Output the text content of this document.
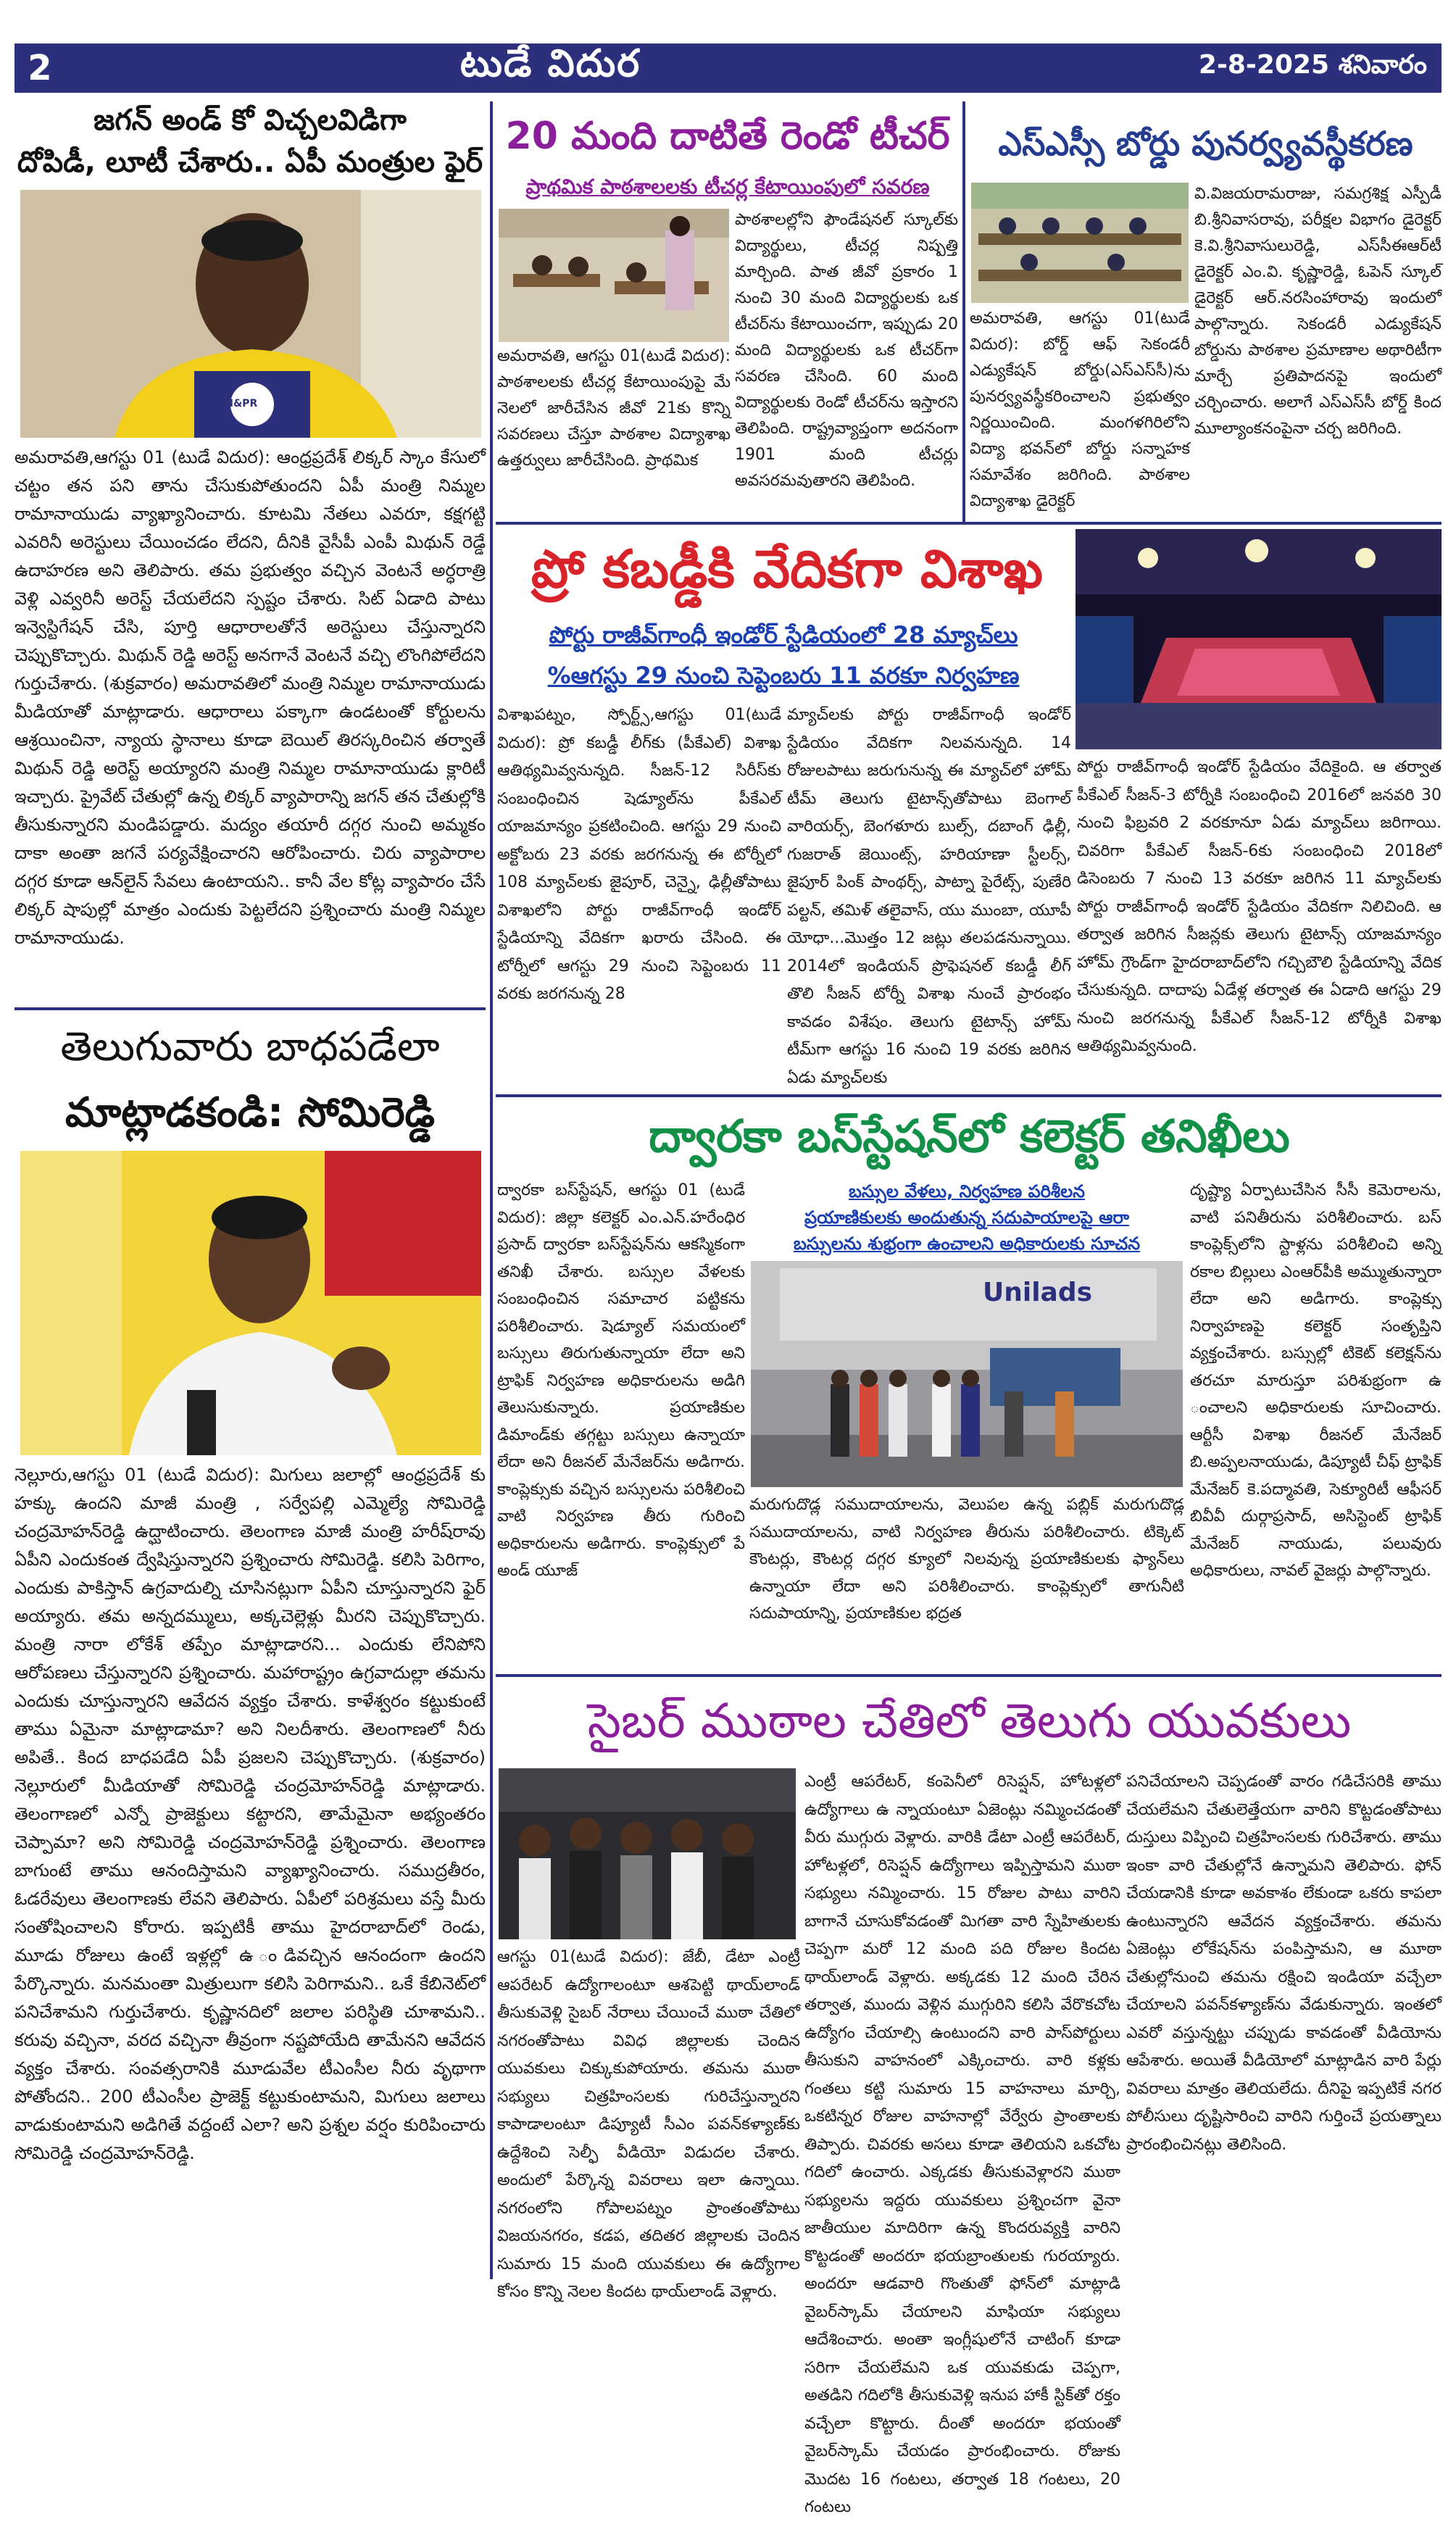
2	టుడే విదుర	2-8-2025 శనివారం
జగన్ అండ్ కో విచ్చలవిడిగా
దోపిడీ, లూటీ చేశారు.. ఏపీ మంత్రుల ఫైర్
I&PR
అమరావతి,ఆగస్టు 01 (టుడే విదుర): ఆంధ్రప్రదేశ్ లిక్కర్ స్కాం కేసులో చట్టం తన పని తాను చేసుకుపోతుందని ఏపీ మంత్రి నిమ్మల రామానాయుడు వ్యాఖ్యానించారు. కూటమి నేతలు ఎవరూ, కక్షగట్టి ఎవరినీ అరెస్టులు చేయించడం లేదని, దీనికి వైసీపీ ఎంపీ మిథున్ రెడ్డే ఉదాహరణ అని తెలిపారు. తమ ప్రభుత్వం వచ్చిన వెంటనే అర్ధరాత్రి వెళ్లి ఎవ్వరినీ అరెస్ట్ చేయలేదని స్పష్టం చేశారు. సిట్ ఏడాది పాటు ఇన్వెస్టిగేషన్ చేసి, పూర్తి ఆధారాలతోనే అరెస్టులు చేస్తున్నారని చెప్పుకొచ్చారు. మిథున్ రెడ్డి అరెస్ట్ అనగానే వెంటనే వచ్చి లొంగిపోలేదని గుర్తుచేశారు. (శుక్రవారం) అమరావతిలో మంత్రి నిమ్మల రామానాయుడు మీడియాతో మాట్లాడారు. ఆధారాలు పక్కాగా ఉండటంతో కోర్టులను ఆశ్రయించినా, న్యాయ స్థానాలు కూడా బెయిల్ తిరస్కరించిన తర్వాతే మిథున్ రెడ్డి అరెస్ట్ అయ్యారని మంత్రి నిమ్మల రామానాయుడు క్లారిటీ ఇచ్చారు. ప్రైవేట్ చేతుల్లో ఉన్న లిక్కర్ వ్యాపారాన్ని జగన్ తన చేతుల్లోకి తీసుకున్నారని మండిపడ్డారు. మద్యం తయారీ దగ్గర నుంచి అమ్మకం దాకా అంతా జగనే పర్యవేక్షించారని ఆరోపించారు. చిరు వ్యాపారాల దగ్గర కూడా ఆన్‌లైన్ సేవలు ఉంటాయని.. కానీ వేల కోట్ల వ్యాపారం చేసే లిక్కర్ షాపుల్లో మాత్రం ఎందుకు పెట్టలేదని ప్రశ్నించారు మంత్రి నిమ్మల రామానాయుడు.
తెలుగువారు బాధపడేలా
మాట్లాడకండి: సోమిరెడ్డి
నెల్లూరు,ఆగస్టు 01 (టుడే విదుర): మిగులు జలాల్లో ఆంధ్రప్రదేశ్ కు హక్కు ఉందని మాజీ మంత్రి , సర్వేపల్లి ఎమ్మెల్యే సోమిరెడ్డి చంద్రమోహన్‌రెడ్డి ఉద్ఘాటించారు. తెలంగాణ మాజీ మంత్రి హరీష్‌రావు ఏపీని ఎందుకంత ద్వేషిస్తున్నారని ప్రశ్నించారు సోమిరెడ్డి. కలిసి పెరిగాం, ఎందుకు పాకిస్తాన్ ఉగ్రవాదుల్ని చూసినట్లుగా ఏపీని చూస్తున్నారని ఫైర్ అయ్యారు. తమ అన్నదమ్ములు, అక్కచెల్లెళ్లు మీరని చెప్పుకొచ్చారు. మంత్రి నారా లోకేశ్ తప్పేం మాట్లాడారని... ఎందుకు లేనిపోని ఆరోపణలు చేస్తున్నారని ప్రశ్నించారు. మహారాష్ట్రం ఉగ్రవాదుల్లా తమను ఎందుకు చూస్తున్నారని ఆవేదన వ్యక్తం చేశారు. కాళేశ్వరం కట్టుకుంటే తాము ఏమైనా మాట్లాడామా? అని నిలదీశారు. తెలంగాణలో నీరు అపితే.. కింద బాధపడేది ఏపీ ప్రజలని చెప్పుకొచ్చారు. (శుక్రవారం) నెల్లూరులో మీడియాతో సోమిరెడ్డి చంద్రమోహన్‌రెడ్డి మాట్లాడారు. తెలంగాణలో ఎన్నో ప్రాజెక్టులు కట్టారని, తామేమైనా అభ్యంతరం చెప్పామా? అని సోమిరెడ్డి చంద్రమోహన్‌రెడ్డి ప్రశ్నించారు. తెలంగాణ బాగుంటే తాము ఆనందిస్తామని వ్యాఖ్యానించారు. సముద్రతీరం, ఓడరేవులు తెలంగాణకు లేవని తెలిపారు. ఏపీలో పరిశ్రమలు వస్తే మీరు సంతోషించాలని కోరారు. ఇప్పటికీ తాము హైదరాబాద్‌లో రెండు, మూడు రోజులు ఉంటే ఇళ్లల్లో ఉ ండివచ్చిన ఆనందంగా ఉందని పేర్కొన్నారు. మనమంతా మిత్రులుగా కలిసి పెరిగామని.. ఒకే కేబినెట్‌లో పనిచేశామని గుర్తుచేశారు. కృష్ణానదిలో జలాల పరిస్థితి చూశామని.. కరువు వచ్చినా, వరద వచ్చినా తీవ్రంగా నష్టపోయేది తామేనని ఆవేదన వ్యక్తం చేశారు. సంవత్సరానికి మూడువేల టీఎంసీల నీరు వృథాగా పోతోందని.. 200 టీఎంసీల ప్రాజెక్ట్ కట్టుకుంటామని, మిగులు జలాలు వాడుకుంటామని అడిగితే వద్దంటే ఎలా? అని ప్రశ్నల వర్షం కురిపించారు సోమిరెడ్డి చంద్రమోహన్‌రెడ్డి.
20 మంది దాటితే రెండో టీచర్
ప్రాథమిక పాఠశాలలకు టీచర్ల కేటాయింపులో సవరణ
పాఠశాలల్లోని ఫౌండేషనల్ స్కూల్‌కు విద్యార్థులు, టీచర్ల నిష్పత్తి మార్చింది. పాత జీవో ప్రకారం 1 నుంచి 30 మంది విద్యార్థులకు ఒక టీచర్‌ను కేటాయించగా, ఇప్పుడు 20 మంది విద్యార్థులకు ఒక టీచర్‌గా సవరణ చేసింది. 60 మంది విద్యార్థులకు రెండో టీచర్‌ను ఇస్తారని తెలిపింది. రాష్ట్రవ్యాప్తంగా అదనంగా 1901 మంది టీచర్లు అవసరమవుతారని తెలిపింది.
అమరావతి, ఆగస్టు 01(టుడే విదుర): పాఠశాలలకు టీచర్ల కేటాయింపుపై మే నెలలో జారీచేసిన జీవో 21కు కొన్ని సవరణలు చేస్తూ పాఠశాల విద్యాశాఖ ఉత్తర్వులు జారీచేసింది. ప్రాథమిక
ఎస్ఎస్సీ బోర్డు పునర్వ్యవస్థీకరణ
వి.విజయరామరాజు, సమగ్రశిక్ష ఎస్పీడీ బి.శ్రీనివాసరావు, పరీక్షల విభాగం డైరెక్టర్ కె.వి.శ్రీనివాసులురెడ్డి, ఎస్‌సీఈఆర్‌టీ డైరెక్టర్ ఎం.వి. కృష్ణారెడ్డి, ఓపెన్ స్కూల్ డైరెక్టర్ ఆర్.నరసింహారావు ఇందులో పాల్గొన్నారు. సెకండరీ ఎడ్యుకేషన్ బోర్డును పాఠశాల ప్రమాణాల అథారిటీగా మార్చే ప్రతిపాదనపై ఇందులో చర్చించారు. అలాగే ఎస్ఎస్‌సీ బోర్డ్ కింద మూల్యాంకనంపైనా చర్చ జరిగింది.
అమరావతి, ఆగస్టు 01(టుడే విదుర): బోర్డ్ ఆఫ్ సెకండరీ ఎడ్యుకేషన్ బోర్డు(ఎస్ఎస్‌సీ)ను పునర్వ్యవస్థీకరించాలని ప్రభుత్వం నిర్ణయించింది. మంగళగిరిలోని విద్యా భవన్‌లో బోర్డు సన్నాహక సమావేశం జరిగింది. పాఠశాల విద్యాశాఖ డైరెక్టర్
ప్రో కబడ్డీకి వేదికగా విశాఖ
పోర్టు రాజీవ్‌గాంధీ ఇండోర్ స్టేడియంలో 28 మ్యాచ్‌లు
%ఆగస్టు 29 నుంచి సెప్టెంబరు 11 వరకూ నిర్వహణ
విశాఖపట్నం, స్పోర్ట్స్,ఆగస్టు 01(టుడే విదుర): ప్రో కబడ్డీ లీగ్‌కు (పీకేఎల్) విశాఖ ఆతిథ్యమివ్వనున్నది. సీజన్-12 సిరీస్‌కు సంబంధించిన షెడ్యూల్‌ను పీకేఎల్ యాజమాన్యం ప్రకటించింది. ఆగస్టు 29 నుంచి అక్టోబరు 23 వరకు జరగనున్న ఈ టోర్నీలో 108 మ్యాచ్‌లకు జైపూర్, చెన్నై, ఢిల్లీతోపాటు విశాఖలోని పోర్టు రాజీవ్‌గాంధీ ఇండోర్ స్టేడియాన్ని వేదికగా ఖరారు చేసింది. ఈ టోర్నీలో ఆగస్టు 29 నుంచి సెప్టెంబరు 11 వరకు జరగనున్న 28
మ్యాచ్‌లకు పోర్టు రాజీవ్‌గాంధీ ఇండోర్ స్టేడియం వేదికగా నిలవనున్నది. 14 రోజులపాటు జరుగునున్న ఈ మ్యాచ్‌లో హోమ్ టీమ్ తెలుగు టైటాన్స్‌తోపాటు బెంగాల్ వారియర్స్, బెంగళూరు బుల్స్, దబాంగ్ ఢిల్లీ, గుజరాత్ జెయింట్స్, హరియాణా స్టీలర్స్, జైపూర్ పింక్ పాంథర్స్, పాట్నా పైరేట్స్, పుణేరి పల్టన్, తమిళ్ తలైవాస్, యు ముంబా, యూపీ యోధా...మొత్తం 12 జట్లు తలపడనున్నాయి. 2014లో ఇండియన్ ప్రొఫెషనల్ కబడ్డీ లీగ్ తొలి సీజన్ టోర్నీ విశాఖ నుంచే ప్రారంభం కావడం విశేషం. తెలుగు టైటాన్స్ హోమ్ టీమ్‌గా ఆగస్టు 16 నుంచి 19 వరకు జరిగిన ఏడు మ్యాచ్‌లకు
పోర్టు రాజీవ్‌గాంధీ ఇండోర్ స్టేడియం వేదికైంది. ఆ తర్వాత పీకేఎల్ సీజన్-3 టోర్నీకి సంబంధించి 2016లో జనవరి 30 నుంచి ఫిబ్రవరి 2 వరకూనూ ఏడు మ్యాచ్‌లు జరిగాయి. చివరిగా పీకేఎల్ సీజన్-6కు సంబంధించి 2018లో డిసెంబరు 7 నుంచి 13 వరకూ జరిగిన 11 మ్యాచ్‌లకు పోర్టు రాజీవ్‌గాంధీ ఇండోర్ స్టేడియం వేదికగా నిలిచింది. ఆ తర్వాత జరిగిన సీజన్లకు తెలుగు టైటాన్స్ యాజమాన్యం హోమ్ గ్రౌండ్‌గా హైదరాబాద్‌లోని గచ్చిబౌలి స్టేడియాన్ని వేదిక చేసుకున్నది. దాదాపు ఏడేళ్ల తర్వాత ఈ ఏడాది ఆగస్టు 29 నుంచి జరగనున్న పీకేఎల్ సీజన్-12 టోర్నీకి విశాఖ ఆతిథ్యమివ్వనుంది.
ద్వారకా బస్‌స్టేషన్‌లో కలెక్టర్ తనిఖీలు
ద్వారకా బస్‌స్టేషన్, ఆగస్టు 01 (టుడే విదుర): జిల్లా కలెక్టర్ ఎం.ఎన్.హరేంధిర ప్రసాద్ ద్వారకా బస్‌స్టేషన్‌ను ఆకస్మికంగా తనిఖీ చేశారు. బస్సుల వేళలకు సంబంధించిన సమాచార పట్టికను పరిశీలించారు. షెడ్యూల్ సమయంలో బస్సులు తిరుగుతున్నాయా లేదా అని ట్రాఫిక్ నిర్వహణ అధికారులను అడిగి తెలుసుకున్నారు. ప్రయాణికుల డిమాండ్‌కు తగ్గట్టు బస్సులు ఉన్నాయా లేదా అని రీజనల్ మేనేజర్‌ను అడిగారు. కాంప్లెక్సుకు వచ్చిన బస్సులను పరిశీలించి వాటి నిర్వహణ తీరు గురించి అధికారులను అడిగారు. కాంప్లెక్సులో పే అండ్ యూజ్
బస్సుల వేళలు, నిర్వహణ పరిశీలన
ప్రయాణికులకు అందుతున్న సదుపాయాలపై ఆరా
బస్సులను శుభ్రంగా ఉంచాలని అధికారులకు సూచన
Unilads
మరుగుదొడ్ల సముదాయాలను, వెలుపల ఉన్న పబ్లిక్ మరుగుదొడ్ల సముదాయాలను, వాటి నిర్వహణ తీరును పరిశీలించారు. టిక్కెట్ కౌంటర్లు, కౌంటర్ల దగ్గర క్యూలో నిలవున్న ప్రయాణికులకు ఫ్యాన్‌లు ఉన్నాయా లేదా అని పరిశీలించారు. కాంప్లెక్సులో తాగునీటి సదుపాయాన్ని, ప్రయాణికుల భద్రత
దృష్ట్యా ఏర్పాటుచేసిన సీసీ కెమెరాలను, వాటి పనితీరును పరిశీలించారు. బస్ కాంప్లెక్స్‌లోని స్టాళ్లను పరిశీలించి అన్ని రకాల బిల్లులు ఎంఆర్‌పీకి అమ్ముతున్నారా లేదా అని అడిగారు. కాంప్లెక్సు నిర్వాహణపై కలెక్టర్ సంతృప్తిని వ్యక్తంచేశారు. బస్సుల్లో టికెట్ కలెక్షన్‌ను తరచూ మారుస్తూ పరిశుభ్రంగా ఉ ంచాలని అధికారులకు సూచించారు. ఆర్టీసీ విశాఖ రీజనల్ మేనేజర్ బి.అప్పలనాయుడు, డిప్యూటీ చీఫ్ ట్రాఫిక్ మేనేజర్ కె.పద్మావతి, సెక్యూరిటీ ఆఫీసర్ బివీవీ దుర్గాప్రసాద్, అసిస్టెంట్ ట్రాఫిక్ మేనేజర్ నాయుడు, పలువురు అధికారులు, నావల్ వైజర్లు పాల్గొన్నారు.
సైబర్ ముఠాల చేతిలో తెలుగు యువకులు
ఆగస్టు 01(టుడే విదుర): జేబీ, డేటా ఎంట్రీ ఆపరేటర్ ఉద్యోగాలంటూ ఆశపెట్టి థాయ్‌లాండ్ తీసుకువెళ్లి సైబర్ నేరాలు చేయించే ముఠా చేతిలో నగరంతోపాటు వివిధ జిల్లాలకు చెందిన యువకులు చిక్కుకుపోయారు. తమను ముఠా సభ్యులు చిత్రహింసలకు గురిచేస్తున్నారని కాపాడాలంటూ డిప్యూటీ సీఎం పవన్‌కళ్యాణ్‌కు ఉద్దేశించి సెల్ఫీ వీడియో విడుదల చేశారు. అందులో పేర్కొన్న వివరాలు ఇలా ఉన్నాయి. నగరంలోని గోపాలపట్నం ప్రాంతంతోపాటు విజయనగరం, కడప, తదితర జిల్లాలకు చెందిన సుమారు 15 మంది యువకులు ఈ ఉద్యోగాల కోసం కొన్ని నెలల కిందట థాయ్‌లాండ్ వెళ్లారు.
ఎంట్రీ ఆపరేటర్, కంపెనీలో రిసెప్షన్, హోటళ్లలో ఉద్యోగాలు ఉ న్నాయంటూ ఏజెంట్లు నమ్మించడంతో వీరు ముగ్గురు వెళ్లారు. వారికి డేటా ఎంట్రీ ఆపరేటర్, హోటళ్లలో, రిసెప్షన్ ఉద్యోగాలు ఇప్పిస్తామని ముఠా సభ్యులు నమ్మించారు. 15 రోజుల పాటు వారిని బాగానే చూసుకోవడంతో మిగతా వారి స్నేహితులకు చెప్పగా మరో 12 మంది పది రోజుల కిందట థాయ్‌లాండ్ వెళ్లారు. అక్కడకు 12 మంది చేరిన తర్వాత, ముందు వెళ్లిన ముగ్గురిని కలిసి వేరొకచోట ఉద్యోగం చేయాల్సి ఉంటుందని వారి పాస్‌పోర్టులు తీసుకుని వాహనంలో ఎక్కించారు. వారి కళ్లకు గంతలు కట్టి సుమారు 15 వాహనాలు మార్చి, ఒకటిన్నర రోజుల వాహనాల్లో వేర్వేరు ప్రాంతాలకు తిప్పారు. చివరకు అసలు కూడా తెలియని ఒకచోట గదిలో ఉంచారు. ఎక్కడకు తీసుకువెళ్లారని ముఠా సభ్యులను ఇద్దరు యువకులు ప్రశ్నించగా వైనా జాతీయుల మాదిరిగా ఉన్న కొందరువ్యక్తి వారిని కొట్టడంతో అందరూ భయబ్రాంతులకు గురయ్యారు. అందరూ ఆడవారి గొంతుతో ఫోన్‌లో మాట్లాడి వైబర్‌స్కామ్ చేయాలని మాఫియా సభ్యులు ఆదేశించారు. అంతా ఇంగ్లీషులోనే చాటింగ్ కూడా సరిగా చేయలేమని ఒక యువకుడు చెప్పగా, అతడిని గదిలోకి తీసుకువెళ్లి ఇనుప హాకీ స్టిక్‌తో రక్తం వచ్చేలా కొట్టారు. దీంతో అందరూ భయంతో వైబర్‌స్కామ్ చేయడం ప్రారంభించారు. రోజుకు మొదట 16 గంటలు, తర్వాత 18 గంటలు, 20 గంటలు
పనిచేయాలని చెప్పడంతో వారం గడిచేసరికి తాము చేయలేమని చేతులెత్తేయగా వారిని కొట్టడంతోపాటు దుస్తులు విప్పించి చిత్రహింసలకు గురిచేశారు. తాము ఇంకా వారి చేతుల్లోనే ఉన్నామని తెలిపారు. ఫోన్ చేయడానికి కూడా అవకాశం లేకుండా ఒకరు కాపలా ఉంటున్నారని ఆవేదన వ్యక్తంచేశారు. తమను ఏజెంట్లు లోకేషన్‌ను పంపిస్తామని, ఆ మూఠా చేతుల్లోనుంచి తమను రక్షించి ఇండియా వచ్చేలా చేయాలని పవన్‌కళ్యాణ్‌ను వేడుకున్నారు. ఇంతలో ఎవరో వస్తున్నట్టు చప్పుడు కావడంతో వీడియోను ఆపేశారు. అయితే వీడియోలో మాట్లాడిన వారి పేర్లు వివరాలు మాత్రం తెలియలేదు. దీనిపై ఇప్పటికే నగర పోలీసులు దృష్టిసారించి వారిని గుర్తించే ప్రయత్నాలు ప్రారంభించినట్లు తెలిసింది.
